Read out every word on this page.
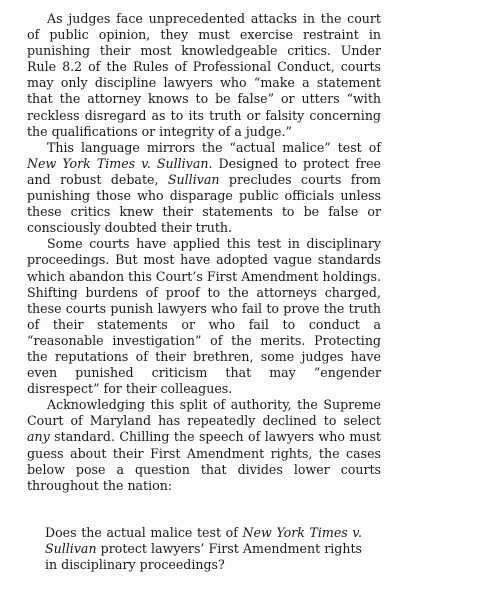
As judges face unprecedented attacks in the court of public opinion, they must exercise restraint in punishing their most knowledgeable critics. Under Rule 8.2 of the Rules of Professional Conduct, courts may only discipline lawyers who “make a statement that the attorney knows to be false” or utters “with reckless disregard as to its truth or falsity concerning the qualifications or integrity of a judge.”

This language mirrors the “actual malice” test of New York Times v. Sullivan. Designed to protect free and robust debate, Sullivan precludes courts from punishing those who disparage public officials unless these critics knew their statements to be false or consciously doubted their truth.

Some courts have applied this test in disciplinary proceedings. But most have adopted vague standards which abandon this Court’s First Amendment holdings. Shifting burdens of proof to the attorneys charged, these courts punish lawyers who fail to prove the truth of their statements or who fail to conduct a “reasonable investigation” of the merits. Protecting the reputations of their brethren, some judges have even punished criticism that may “engender disrespect” for their colleagues.

Acknowledging this split of authority, the Supreme Court of Maryland has repeatedly declined to select any standard. Chilling the speech of lawyers who must guess about their First Amendment rights, the cases below pose a question that divides lower courts throughout the nation:

Does the actual malice test of New York Times v. Sullivan protect lawyers’ First Amendment rights in disciplinary proceedings?
